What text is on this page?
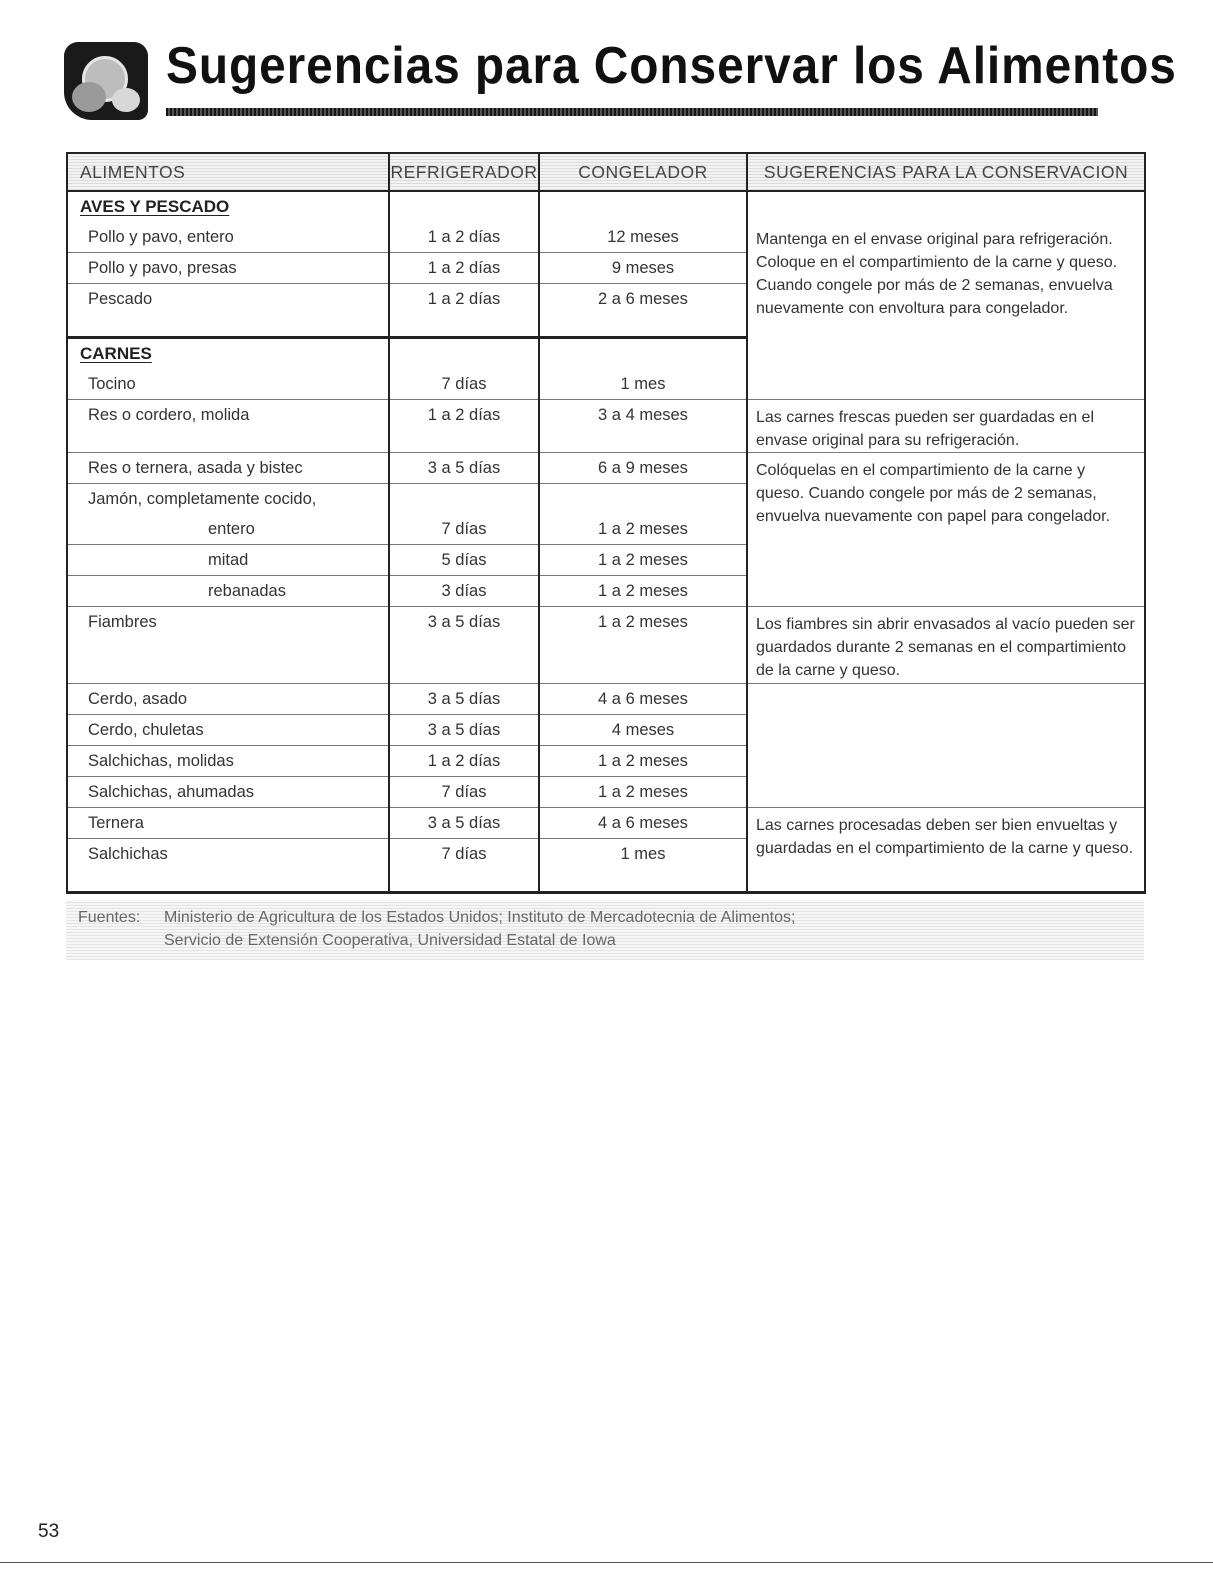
Sugerencias para Conservar los Alimentos
ALIMENTOS	REFRIGERADOR	CONGELADOR	SUGERENCIAS PARA LA CONSERVACION
AVES Y PESCADO			
Pollo y pavo, entero	1 a 2 días	12 meses	Mantenga en el envase original para refrigeración. Coloque en el compartimiento de la carne y queso. Cuando congele por más de 2 semanas, envuelva nuevamente con envoltura para congelador.
Pollo y pavo, presas	1 a 2 días	9 meses	
Pescado	1 a 2 días	2 a 6 meses	

CARNES			
Tocino	7 días	1 mes	
Res o cordero, molida	1 a 2 días	3 a 4 meses	Las carnes frescas pueden ser guardadas en el envase original para su refrigeración.
Res o ternera, asada y bistec	3 a 5 días	6 a 9 meses	Colóquelas en el compartimiento de la carne y queso. Cuando congele por más de 2 semanas, envuelva nuevamente con papel para congelador.
Jamón, completamente cocido,			
entero	7 días	1 a 2 meses	
mitad	5 días	1 a 2 meses	
rebanadas	3 días	1 a 2 meses	
Fiambres	3 a 5 días	1 a 2 meses	Los fiambres sin abrir envasados al vacío pueden ser guardados durante 2 semanas en el compartimiento de la carne y queso.
Cerdo, asado	3 a 5 días	4 a 6 meses	
Cerdo, chuletas	3 a 5 días	4 meses	
Salchichas, molidas	1 a 2 días	1 a 2 meses	
Salchichas, ahumadas	7 días	1 a 2 meses	
Ternera	3 a 5 días	4 a 6 meses	Las carnes procesadas deben ser bien envueltas y guardadas en el compartimiento de la carne y queso.
Salchichas	7 días	1 mes	

Fuentes: Ministerio de Agricultura de los Estados Unidos; Instituto de Mercadotecnia de Alimentos;
Servicio de Extensión Cooperativa, Universidad Estatal de Iowa
53
